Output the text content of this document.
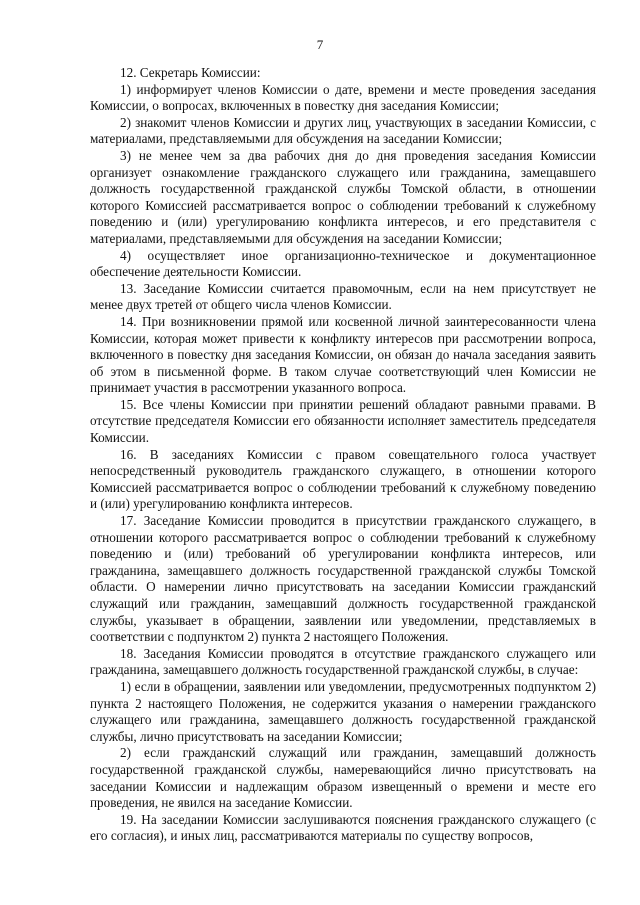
7

12. Секретарь Комиссии:

1) информирует членов Комиссии о дате, времени и месте проведения заседания Комиссии, о вопросах, включенных в повестку дня заседания Комиссии;

2) знакомит членов Комиссии и других лиц, участвующих в заседании Комиссии, с материалами, представляемыми для обсуждения на заседании Комиссии;

3) не менее чем за два рабочих дня до дня проведения заседания Комиссии организует ознакомление гражданского служащего или гражданина, замещавшего должность государственной гражданской службы Томской области, в отношении которого Комиссией рассматривается вопрос о соблюдении требований к служебному поведению и (или) урегулированию конфликта интересов, и его представителя с материалами, представляемыми для обсуждения на заседании Комиссии;

4) осуществляет иное организационно-техническое и документационное обеспечение деятельности Комиссии.

13. Заседание Комиссии считается правомочным, если на нем присутствует не менее двух третей от общего числа членов Комиссии.

14. При возникновении прямой или косвенной личной заинтересованности члена Комиссии, которая может привести к конфликту интересов при рассмотрении вопроса, включенного в повестку дня заседания Комиссии, он обязан до начала заседания заявить об этом в письменной форме. В таком случае соответствующий член Комиссии не принимает участия в рассмотрении указанного вопроса.

15. Все члены Комиссии при принятии решений обладают равными правами. В отсутствие председателя Комиссии его обязанности исполняет заместитель председателя Комиссии.

16. В заседаниях Комиссии с правом совещательного голоса участвует непосредственный руководитель гражданского служащего, в отношении которого Комиссией рассматривается вопрос о соблюдении требований к служебному поведению и (или) урегулированию конфликта интересов.

17. Заседание Комиссии проводится в присутствии гражданского служащего, в отношении которого рассматривается вопрос о соблюдении требований к служебному поведению и (или) требований об урегулировании конфликта интересов, или гражданина, замещавшего должность государственной гражданской службы Томской области. О намерении лично присутствовать на заседании Комиссии гражданский служащий или гражданин, замещавший должность государственной гражданской службы, указывает в обращении, заявлении или уведомлении, представляемых в соответствии с подпунктом 2) пункта 2 настоящего Положения.

18. Заседания Комиссии проводятся в отсутствие гражданского служащего или гражданина, замещавшего должность государственной гражданской службы, в случае:

1) если в обращении, заявлении или уведомлении, предусмотренных подпунктом 2) пункта 2 настоящего Положения, не содержится указания о намерении гражданского служащего или гражданина, замещавшего должность государственной гражданской службы, лично присутствовать на заседании Комиссии;

2) если гражданский служащий или гражданин, замещавший должность государственной гражданской службы, намеревающийся лично присутствовать на заседании Комиссии и надлежащим образом извещенный о времени и месте его проведения, не явился на заседание Комиссии.

19. На заседании Комиссии заслушиваются пояснения гражданского служащего (с его согласия), и иных лиц, рассматриваются материалы по существу вопросов,
